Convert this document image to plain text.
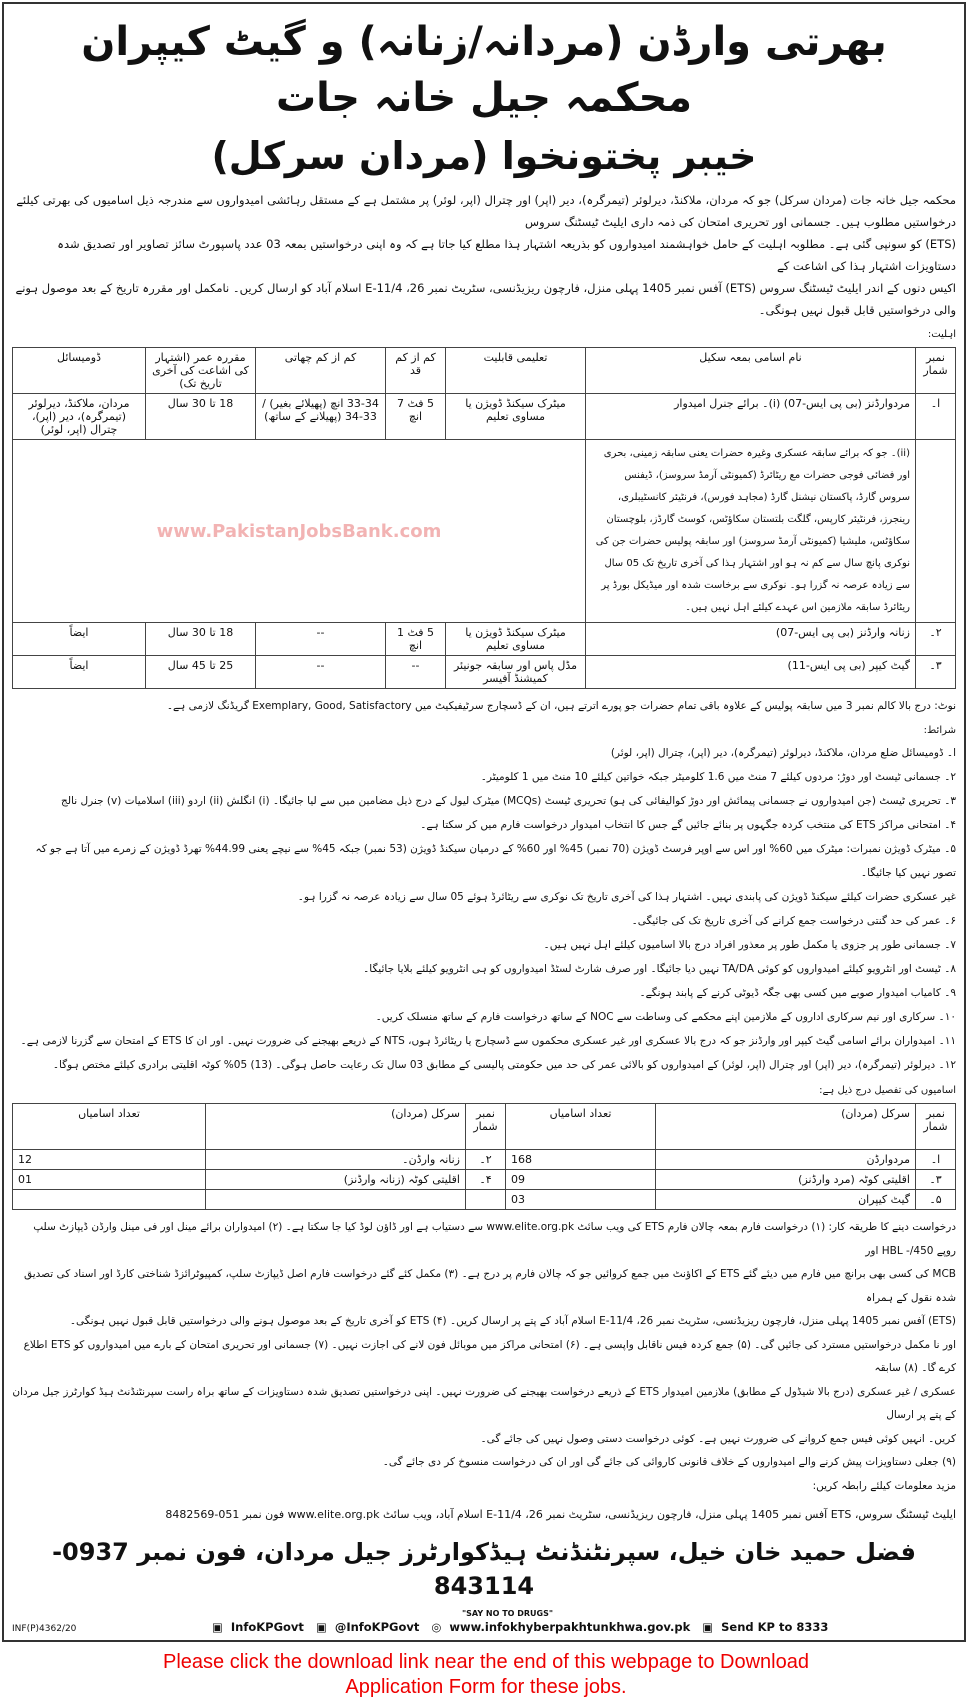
بھرتی وارڈن (مردانہ/زنانہ) و گیٹ کیپران محکمہ جیل خانہ جات
خیبر پختونخوا (مردان سرکل)
محکمہ جیل خانہ جات (مردان سرکل) جو کہ مردان، ملاکنڈ، دیرلوئر (تیمرگرہ)، دیر (اپر) اور چترال (اپر، لوئر) پر مشتمل ہے کے مستقل رہائشی امیدواروں سے مندرجہ ذیل اسامیوں کی بھرتی کیلئے درخواستیں مطلوب ہیں۔ جسمانی اور تحریری امتحان کی ذمہ داری ایلیٹ ٹیسٹنگ سروس
(ETS) کو سونپی گئی ہے۔ مطلوبہ اہلیت کے حامل خواہشمند امیدواروں کو بذریعہ اشتہار ہذا مطلع کیا جاتا ہے کہ وہ اپنی درخواستیں بمعہ 03 عدد پاسپورٹ سائز تصاویر اور تصدیق شدہ دستاویزات اشتہار ہذا کی اشاعت کے
اکیس دنوں کے اندر ایلیٹ ٹیسٹنگ سروس (ETS) آفس نمبر 1405 پہلی منزل، فارچون ریزیڈنسی، سٹریٹ نمبر 26، E-11/4 اسلام آباد کو ارسال کریں۔ نامکمل اور مقررہ تاریخ کے بعد موصول ہونے والی درخواستیں قابل قبول نہیں ہونگی۔
اہلیت:
نمبر شمار	نام اسامی بمعہ سکیل	تعلیمی قابلیت	کم از کم قد	کم از کم چھاتی	مقررہ عمر (اشتہار کی اشاعت کی آخری تاریخ تک)	ڈومیسائل
ا۔	مردوارڈنز (بی پی ایس-07) (i)۔ برائے جنرل امیدوار	میٹرک سیکنڈ ڈویژن یا مساوی تعلیم	5 فٹ 7 انچ	33-34 انچ (پھیلائے بغیر) / 33-34 (پھیلانے کے ساتھ)	18 تا 30 سال	مردان، ملاکنڈ، دیرلوئر (تیمرگرہ)، دیر (اپر)، چترال (اپر، لوئر)
	(ii)۔ جو کہ برائے سابقہ عسکری وغیرہ حضرات یعنی سابقہ زمینی، بحری اور فضائی فوجی حضرات مع ریٹائرڈ (کمیونٹی آرمڈ سروسز)، ڈیفنس سروس گارڈ، پاکستان نیشنل گارڈ (مجاہد فورس)، فرنٹیئر کانسٹیبلری، رینجرز، فرنٹیئر کارپس، گلگت بلتستان سکاؤٹس، کوسٹ گارڈز، بلوچستان سکاؤٹس، ملیشیا (کمیونٹی آرمڈ سروسز) اور سابقہ پولیس حضرات جن کی نوکری پانچ سال سے کم نہ ہو اور اشتہار ہذا کی آخری تاریخ تک 05 سال سے زیادہ عرصہ نہ گزرا ہو۔ نوکری سے برخاست شدہ اور میڈیکل بورڈ پر ریٹائرڈ سابقہ ملازمین اس عہدے کیلئے اہل نہیں ہیں۔	www.PakistanJobsBank.com				
۲۔	زنانہ وارڈنز (بی پی ایس-07)	میٹرک سیکنڈ ڈویژن یا مساوی تعلیم	5 فٹ 1 انچ	--	18 تا 30 سال	ایضاً
۳۔	گیٹ کیپر (بی پی ایس-11)	مڈل پاس اور سابقہ جونیئر کمیشنڈ آفیسر	--	--	25 تا 45 سال	ایضاً
نوٹ: درج بالا کالم نمبر 3 میں سابقہ پولیس کے علاوہ باقی تمام حضرات جو پورے اترتے ہیں، ان کے ڈسچارج سرٹیفیکیٹ میں Exemplary, Good, Satisfactory گریڈنگ لازمی ہے۔
شرائط:
ا۔ ڈومیسائل ضلع مردان، ملاکنڈ، دیرلوئر (تیمرگرہ)، دیر (اپر)، چترال (اپر، لوئر)
۲۔ جسمانی ٹیسٹ اور دوڑ: مردوں کیلئے 7 منٹ میں 1.6 کلومیٹر جبکہ خواتین کیلئے 10 منٹ میں 1 کلومیٹر۔
۳۔ تحریری ٹیسٹ (جن امیدواروں نے جسمانی پیمائش اور دوڑ کوالیفائی کی ہو) تحریری ٹیسٹ (MCQs) میٹرک لیول کے درج ذیل مضامین میں سے لیا جائیگا۔ (i) انگلش (ii) اردو (iii) اسلامیات (v) جنرل نالج
۴۔ امتحانی مراکز ETS کی منتخب کردہ جگہوں پر بنائے جائیں گے جس کا انتخاب امیدوار درخواست فارم میں کر سکتا ہے۔
۵۔ میٹرک ڈویژن نمبرات: میٹرک میں 60% اور اس سے اوپر فرسٹ ڈویژن (70 نمبر) 45% اور 60% کے درمیان سیکنڈ ڈویژن (53 نمبر) جبکہ 45% سے نیچے یعنی 44.99% تھرڈ ڈویژن کے زمرے میں آتا ہے جو کہ تصور نہیں کیا جائیگا۔
غیر عسکری حضرات کیلئے سیکنڈ ڈویژن کی پابندی نہیں۔ اشتہار ہذا کی آخری تاریخ تک نوکری سے ریٹائرڈ ہوئے 05 سال سے زیادہ عرصہ نہ گزرا ہو۔
۶۔ عمر کی حد گنتی درخواست جمع کرانے کی آخری تاریخ تک کی جائیگی۔
۷۔ جسمانی طور پر جزوی یا مکمل طور پر معذور افراد درج بالا اسامیوں کیلئے اہل نہیں ہیں۔
۸۔ ٹیسٹ اور انٹرویو کیلئے امیدواروں کو کوئی TA/DA نہیں دیا جائیگا۔ اور صرف شارٹ لسٹڈ امیدواروں کو ہی انٹرویو کیلئے بلایا جائیگا۔
۹۔ کامیاب امیدوار صوبے میں کسی بھی جگہ ڈیوٹی کرنے کے پابند ہونگے۔
۱۰۔ سرکاری اور نیم سرکاری اداروں کے ملازمین اپنے محکمے کی وساطت سے NOC کے ساتھ درخواست فارم کے ساتھ منسلک کریں۔
۱۱۔ امیدواران برائے اسامی گیٹ کیپر اور وارڈنز جو کہ درج بالا عسکری اور غیر عسکری محکموں سے ڈسچارج یا ریٹائرڈ ہوں، NTS کے ذریعے بھیجنے کی ضرورت نہیں۔ اور ان کا ETS کے امتحان سے گزرنا لازمی ہے۔
۱۲۔ دیرلوئر (تیمرگرہ)، دیر (اپر) اور چترال (اپر، لوئر) کے امیدواروں کو بالائی عمر کی حد میں حکومتی پالیسی کے مطابق 03 سال تک رعایت حاصل ہوگی۔ (13) 05% کوٹہ اقلیتی برادری کیلئے مختص ہوگا۔
اسامیوں کی تفصیل درج ذیل ہے:
نمبر شمار	سرکل (مردان)	تعداد اسامیاں	نمبر شمار	سرکل (مردان)	تعداد اسامیاں
ا۔	مردوارڈن	168	۲۔	زنانہ وارڈن۔	12
۳۔	اقلیتی کوٹہ (مرد وارڈنز)	09	۴۔	اقلیتی کوٹہ (زنانہ وارڈنز)	01
۵۔	گیٹ کیپران	03			
درخواست دینے کا طریقہ کار: (۱) درخواست فارم بمعہ چالان فارم ETS کی ویب سائٹ www.elite.org.pk سے دستیاب ہے اور ڈاؤن لوڈ کیا جا سکتا ہے۔ (۲) امیدواران برائے مینل اور فی مینل وارڈن ڈیپازٹ سلپ روپے 450/- HBL اور
MCB کی کسی بھی برانچ میں فارم میں دیئے گئے ETS کے اکاؤنٹ میں جمع کروائیں جو کہ چالان فارم پر درج ہے۔ (۳) مکمل کئے گئے درخواست فارم اصل ڈیپازٹ سلپ، کمپیوٹرائزڈ شناختی کارڈ اور اسناد کی تصدیق شدہ نقول کے ہمراہ
(ETS) آفس نمبر 1405 پہلی منزل، فارچون ریزیڈنسی، سٹریٹ نمبر 26، E-11/4 اسلام آباد کے پتے پر ارسال کریں۔ (۴) ETS کو آخری تاریخ کے بعد موصول ہونے والی درخواستیں قابل قبول نہیں ہونگی۔
اور نا مکمل درخواستیں مسترد کی جائیں گی۔ (۵) جمع کردہ فیس ناقابل واپسی ہے۔ (۶) امتحانی مراکز میں موبائل فون لانے کی اجازت نہیں۔ (۷) جسمانی اور تحریری امتحان کے بارے میں امیدواروں کو ETS اطلاع کرے گا۔ (۸) سابقہ
عسکری / غیر عسکری (درج بالا شیڈول کے مطابق) ملازمین امیدوار ETS کے ذریعے درخواست بھیجنے کی ضرورت نہیں۔ اپنی درخواستیں تصدیق شدہ دستاویزات کے ساتھ براہ راست سپرنٹنڈنٹ ہیڈ کوارٹرز جیل مردان کے پتے پر ارسال
کریں۔ انہیں کوئی فیس جمع کروانے کی ضرورت نہیں ہے۔ کوئی درخواست دستی وصول نہیں کی جائے گی۔
(۹) جعلی دستاویزات پیش کرنے والے امیدواروں کے خلاف قانونی کاروائی کی جائے گی اور ان کی درخواست منسوخ کر دی جائے گی۔
مزید معلومات کیلئے رابطہ کریں:
ایلیٹ ٹیسٹنگ سروس، ETS آفس نمبر 1405 پہلی منزل، فارچون ریزیڈنسی، سٹریٹ نمبر 26، E-11/4 اسلام آباد، ویب سائٹ www.elite.org.pk فون نمبر 051-8482569
فضل حمید خان خیل، سپرنٹنڈنٹ ہیڈکوارٹرز جیل مردان، فون نمبر 0937-843114
INF(P)4362/20
"SAY NO TO DRUGS"
▣ InfoKPGovt ▣ @InfoKPGovt ◎ www.infokhyberpakhtunkhwa.gov.pk ▣ Send KP to 8333
Please click the download link near the end of this webpage to Download
Application Form for these jobs.
